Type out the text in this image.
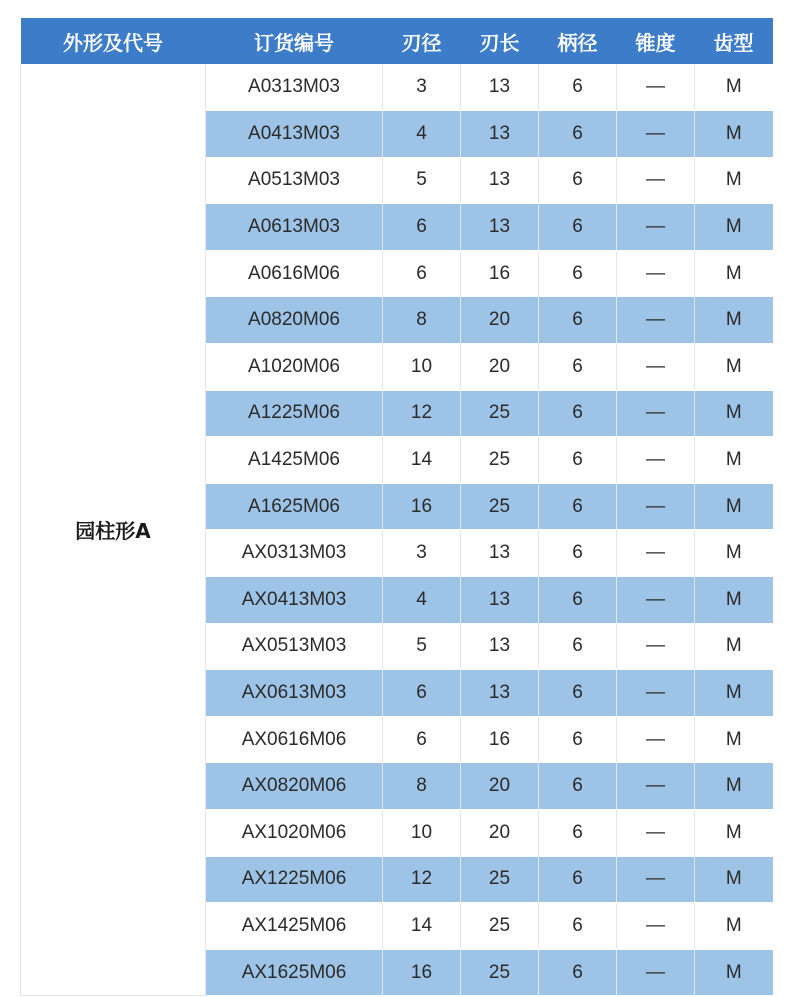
外形及代号	订货编号	刃径	刃长	柄径	锥度	齿型
园柱形A	A0313M03	3	13	6	—	M
	A0413M03	4	13	6	—	M
	A0513M03	5	13	6	—	M
	A0613M03	6	13	6	—	M
	A0616M06	6	16	6	—	M
	A0820M06	8	20	6	—	M
	A1020M06	10	20	6	—	M
	A1225M06	12	25	6	—	M
	A1425M06	14	25	6	—	M
	A1625M06	16	25	6	—	M
	AX0313M03	3	13	6	—	M
	AX0413M03	4	13	6	—	M
	AX0513M03	5	13	6	—	M
	AX0613M03	6	13	6	—	M
	AX0616M06	6	16	6	—	M
	AX0820M06	8	20	6	—	M
	AX1020M06	10	20	6	—	M
	AX1225M06	12	25	6	—	M
	AX1425M06	14	25	6	—	M
	AX1625M06	16	25	6	—	M
